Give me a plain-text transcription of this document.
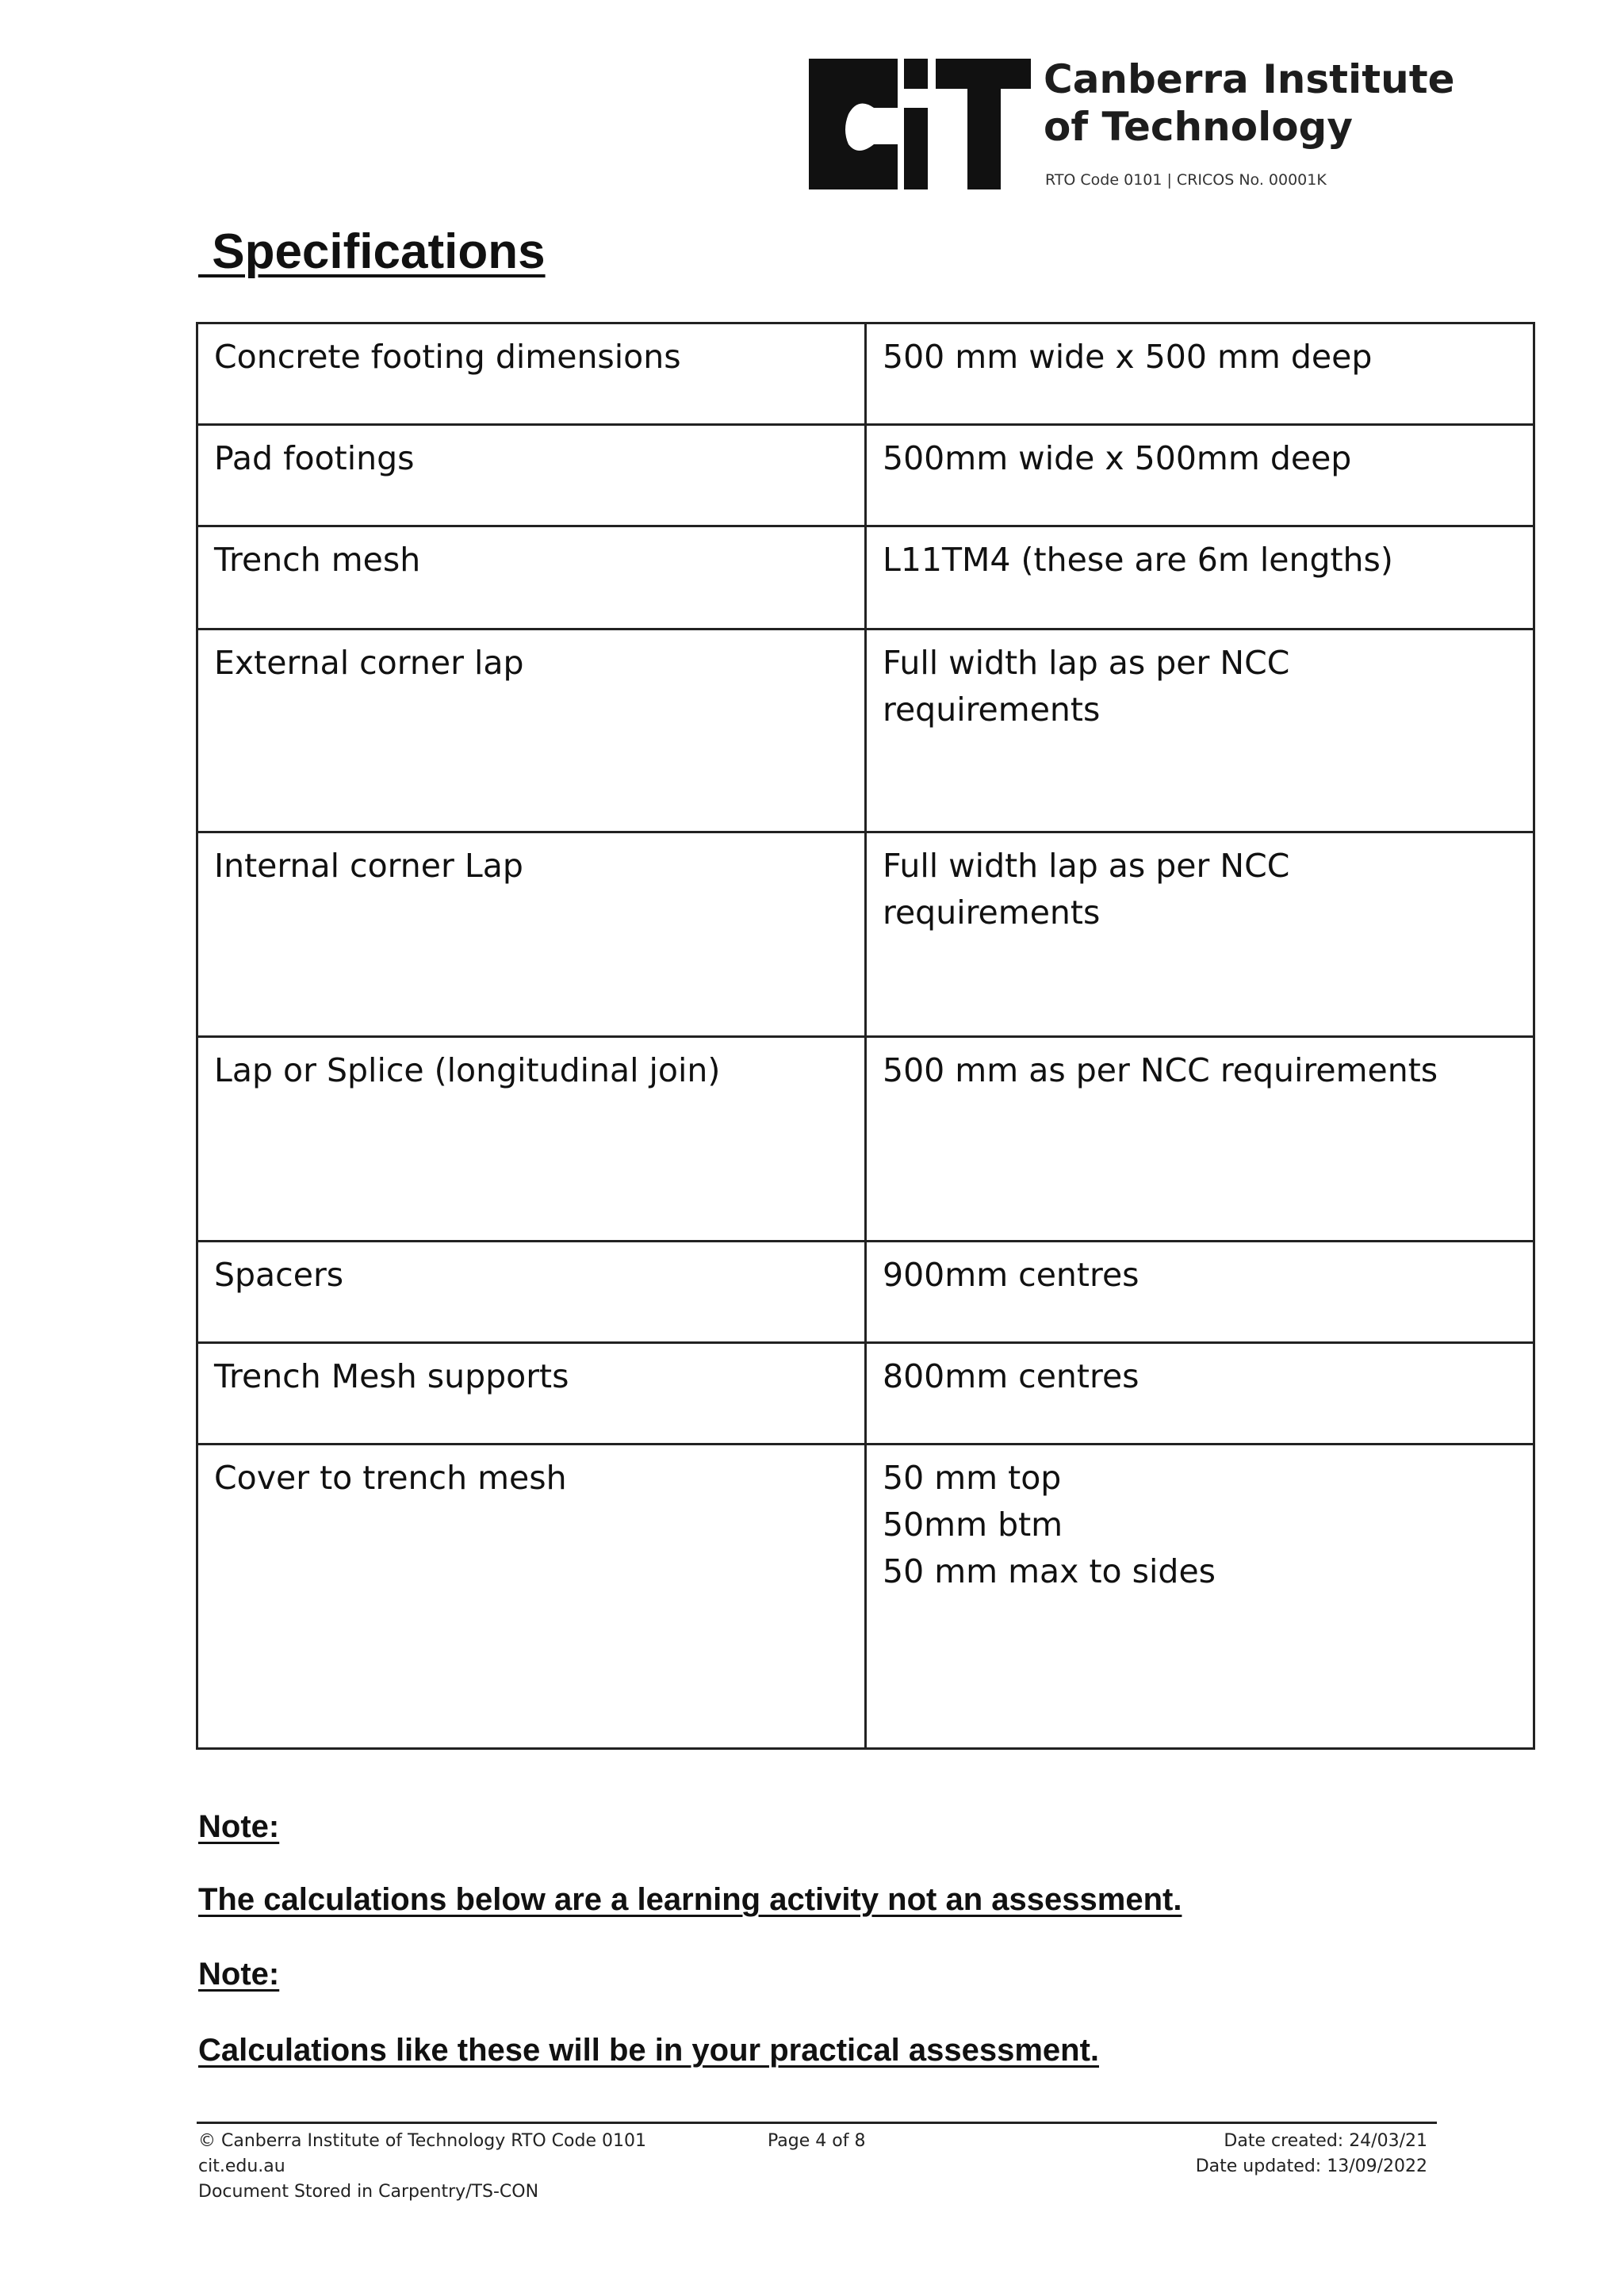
Canberra Institute
of Technology
RTO Code 0101 | CRICOS No. 00001K
Specifications
Concrete footing dimensions	500 mm wide x 500 mm deep

Pad footings	500mm wide x 500mm deep

Trench mesh	L11TM4 (these are 6m lengths)

External corner lap	Full width lap as per NCC
requirements

Internal corner Lap	Full width lap as per NCC
requirements

Lap or Splice (longitudinal join)	500 mm as per NCC requirements

Spacers	900mm centres

Trench Mesh supports	800mm centres

Cover to trench mesh	50 mm top
50mm btm
50 mm max to sides

Note:

The calculations below are a learning activity not an assessment.

Note:

Calculations like these will be in your practical assessment.

© Canberra Institute of Technology RTO Code 0101
cit.edu.au
Document Stored in Carpentry/TS-CON
Page 4 of 8	Date created: 24/03/21
Date updated: 13/09/2022
